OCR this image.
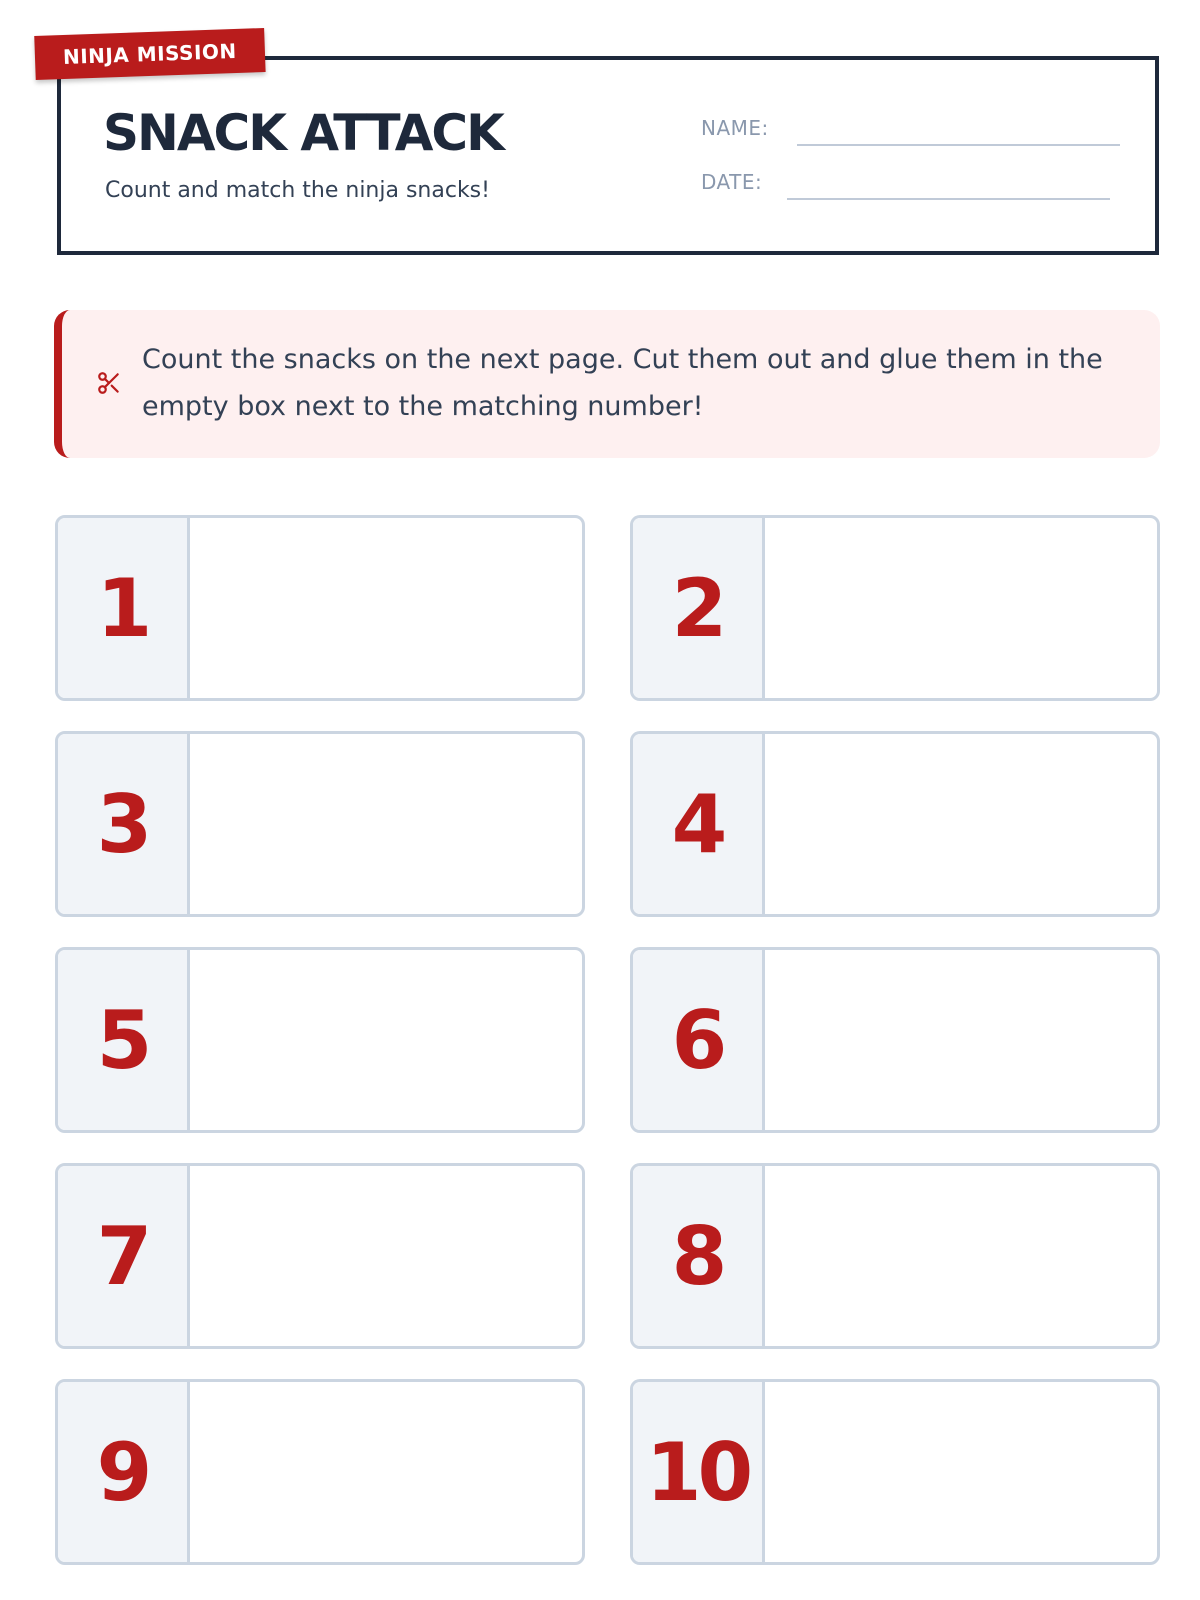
NINJA MISSION
SNACK ATTACK
Count and match the ninja snacks!
NAME:
DATE:
Count the snacks on the next page. Cut them out and glue them in the empty box next to the matching number!
1	2
3	4
5	6
7	8
9	10
